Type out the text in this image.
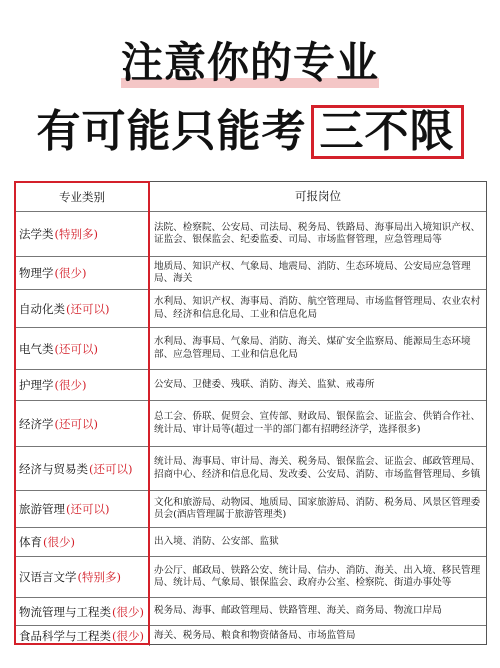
注意你的专业
有可能只能考 三不限
专业类别	可报岗位
法学类 (特别多)	法院、检察院、公安局、司法局、税务局、铁路局、海事局出入境知识产权、证监会、银保监会、纪委监委、司局、市场监督管理，应急管理局等
物理学 (很少)	地质局、知识产权、气象局、地震局、消防、生态环境局、公安局应急管理局、海关
自动化类 (还可以)	水利局、知识产权、海事局、消防、航空管理局、市场监督管理局、农业农村局、经济和信息化局、工业和信息化局
电气类 (还可以)	水利局、海事局、气象局、消防、海关、煤矿安全监察局、能源局生态环境部、应急管理局、工业和信息化局
护理学 (很少)	公安局、卫健委、残联、消防、海关、监狱、戒毒所
经济学 (还可以)	总工会、侨联、促贸会、宣传部、财政局、银保监会、证监会、供销合作社、统计局、审计局等(超过一半的部门都有招聘经济学，选择很多)
经济与贸易类 (还可以)	统计局、海事局、审计局、海关、税务局、银保监会、证监会、邮政管理局、招商中心、经济和信息化局、发改委、公安局、消防、市场监督管理局、乡镇
旅游管理 (还可以)	文化和旅游局、动物园、地质局、国家旅游局、消防、税务局、风景区管理委员会(酒店管理属于旅游管理类)
体育 (很少)	出入境、消防、公安部、监狱
汉语言文学 (特别多)	办公厅、邮政局、铁路公安、统计局、信办、消防、海关、出入境、移民管理局、统计局、气象局、银保监会、政府办公室、检察院、街道办事处等
物流管理与工程类 (很少)	税务局、海事、邮政管理局、铁路管理、海关、商务局、物流口岸局
食品科学与工程类 (很少)	海关、税务局、粮食和物资储备局、市场监管局
